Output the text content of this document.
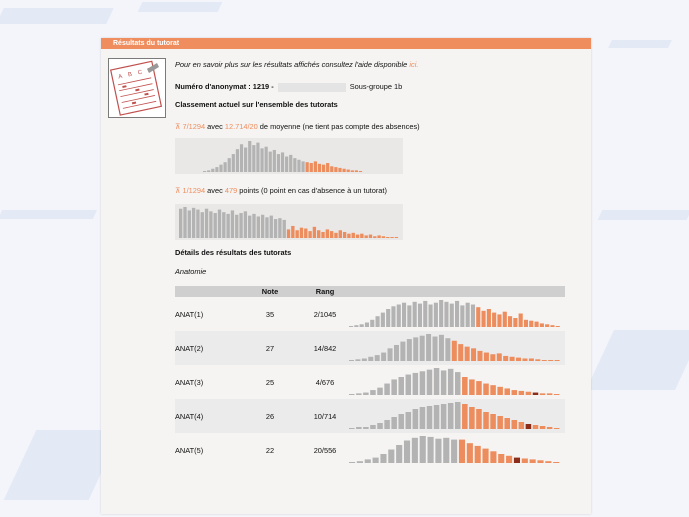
Résultats du tutorat
A B C
Pour en savoir plus sur les résultats affichés consultez l'aide disponible ici.
Numéro d'anonymat : 1219 -	Sous-groupe 1b
Classement actuel sur l'ensemble des tutorats
⊼ 7/1294 avec 12.714/20 de moyenne (ne tient pas compte des absences)
⊼ 1/1294 avec 479 points (0 point en cas d'absence à un tutorat)
Détails des résultats des tutorats
Anatomie
	Note	Rang	
ANAT(1)	35	2/1045	
ANAT(2)	27	14/842	
ANAT(3)	25	4/676	
ANAT(4)	26	10/714	
ANAT(5)	22	20/556	
